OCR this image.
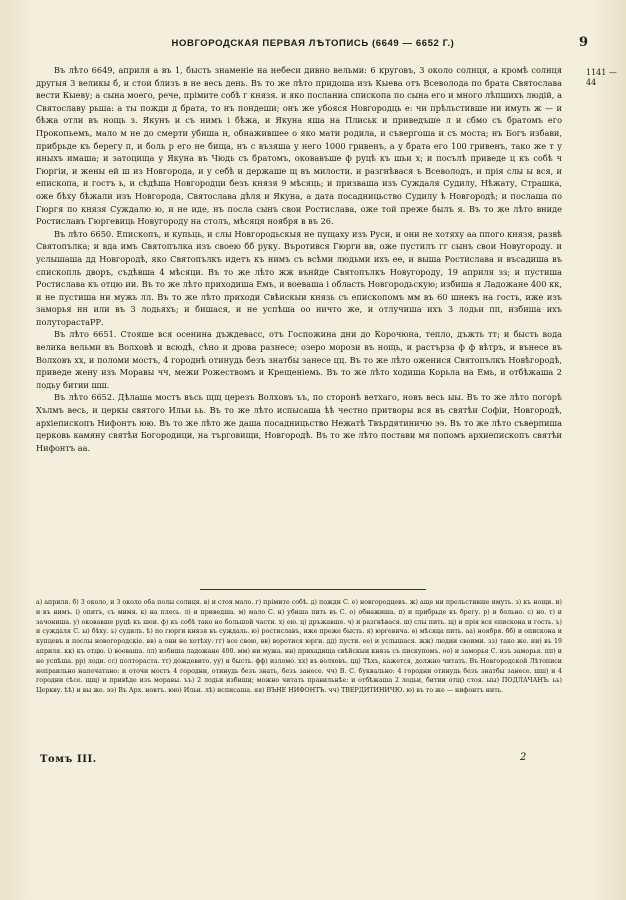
НОВГОРОДСКАЯ ПЕРВАЯ ЛѢТОПИСЬ (6649 — 6652 Г.)	9
1141 — 44

Въ лѣто 6649, априля а въ 1, бысть знаменіе на небеси дивно вельми: 6 круговъ, 3 около солнця, а кромѣ солнця другыя 3 великы б, и стои близъ в не весь день. Въ то же лѣто придоша изъ Кыева отъ Всеволода по брата Святослава вести Кыеву; а сына моего, рече, прімите собѣ г князя. и яко посланиа спископа по сына его и много лѣпшихъ людій, а Святославу рьша: а ты пожди д брата, то нъ пондеши; онъ же убояся Новгородць е: чи прѣльстивше ни имуть ж — и бѣжа отли въ нощь з. Якунъ и съ нимъ і бѣжа, и Якуна яша на Плиськ и приведъше л и сбмо съ братомъ его Прокопьемъ, мало м не до смерти убиша н, обнажившее о яко мати родила, и съвергоша и съ моста; нъ Богъ избави, прибрьде къ берегу п, и боль р его не бища, нъ с възяша у него 1000 гривенъ, а у брата его 100 гривенъ, тако же т у иныхъ имаша; и затоцища у Якуна въ Чюдь съ братомъ, оковавъше ф руцѣ къ шьи х; и посълѣ приведе ц къ собѣ ч Гюргiи, и жены ей ш из Новгорода, и у себѣ и держаше щ въ милости. и разгнѣвася ъ Всеволодъ, и прія слы ы вся, и епископа, и гостъ ь, и сѣдѣша Новгородци безъ князя 9 мѣсяць; и призваша изъ Суждаля Судилу, Нѣжату, Страшка, оже бѣху бѣжали изъ Новгорода, Святослава дѣля и Якуна, а дата посадницьство Судилу ѣ Новгородѣ; и послаша по Гюргя по князя Суждалю ю, и не иде, нъ посла сынъ свои Ростислава, оже той преже былъ я. Въ то же лѣто вниде Ростиславъ Гюргевиць Новугороду на столъ, мѣсяця ноября в въ 26.

Въ лѣто 6650. Епископъ, и купьць, и слы Новгородьскыя не пущаху изъ Руси, и они не хотяху аа ппого князя, развѣ Святопълка; и вда имъ Святопълка изъ своею бб руку. Въротився Гюрги вв, оже пустилъ гг сынъ свои Новугороду. и услышаша дд Новгородѣ, яко Святопълкъ идетъ къ нимъ съ всѣми людьми ихъ ее, и выша Ростислава и въсадиша въ спископль дворъ, съдѣвша 4 мѣсяци. Въ то же лѣто жж вънйде Святопълкъ Новугороду, 19 априля зз; и пустиша Ростислава къ отцю ии. Въ то же лѣто приходиша Емъ, и воеваша і область Новгородьскую; избиша я Ладожане 400 кк, и не пустиша ни мужь лл. Въ то же лѣто приходи Свѣискыи князь съ епископомъ мм въ 60 шнекъ на гость, иже изъ заморья нн или въ 3 лодьяхъ; и бишася, и не успѣша оо ничто же, и отлучиша ихъ 3 лодьи пп, избиша ихъ полуторастаРР.

Въ лѣто 6651. Стояше вся осенина дъждевасс, отъ Госпожина дни до Корочюна, тепло, дъжть тт; и бысть вода велика вельми въ Волховѣ и всюдѣ, сѣно и дрова разнесе; озеро морози въ нощь, и растърза ф ф вѣтръ, и вънесе въ Волховъ хх, и поломи мостъ, 4 городнѣ отинудь безъ знатбы занесе цц. Въ то же лѣто оженися Святопълкъ Новѣгородѣ, приведе жену изъ Моравы чч, межи Рожествомъ и Крещеніемь. Въ то же лѣто ходиша Корьла на Емь, и отбѣжаша 2 лодьу битии шш.

Въ лѣто 6652. Дѣлаша мостъ въсь щщ церезъ Волховъ ъъ, по сторонѣ ветхаго, новъ весь ыы. Въ то же лѣто погорѣ Хълмъ весь, и церкы святого Ильи ьь. Въ то же лѣто иcпысаша ѣѣ честно притворы вся въ святѣи Софіи, Новгородѣ, архіепископъ Нифонтъ юю. Въ то же лѣто же даша посадницьство Нежатѣ Твърдятиничю ээ. Въ то же лѣто съверпиша церковь камяну святѣи Богородици, на търговищи, Новгородѣ. Въ то же лѣто постави мя попомъ архиепископъ святѣи Нифонтъ аа.

а) априля. б) 3 около, и 3 около оба полы солнця. в) и стоя мало. г) прімите собѣ. д) пожди С. е) новгородцевъ. ж) аще ни прельстивше имуть. з) къ нощи. и) и въ нимъ. і) опитъ, съ мимя. к) на плесь. л) и приведша. м) мало С. н) убиша пить въ С. о) обнажиша. п) и прибрьде къ брегу. р) и больно. с) но. т) и зачониша. у) оковавше руцѣ къ шеи. ф) къ собѣ тако но большой части. х) ею. ц) дръжавше. ч) и разгнѣвася. ш) слы пить. щ) и прія вся епискона и гость. ъ) и суждаля С. ы) бѣху. ь) судилъ. ѣ) по гюрги князя въ суждаль. ю) ростиславъ, иже преже бысть. я) юргевича. ѳ) мѣсяца пить. аа) ноября. бб) и опискона и купцевъ и послы новогородскіе. вв) а они не хотѣху. гг) все свою, вв) воротися юрги. дд) пусти. ее) и услышася. жж) людии своими. зз) тако же. ии) въ 19 априля. кк) къ отцю. і) воеваша. лл) избиша ладожане 400. мм) ни мужа. нн) прихадища свѣйскыи князь съ пискупомъ. оо) и заморья С. изъ заморья. пп) и не успѣша. рр) лоди. сс) полтораста. тт) дождевито. уу) и бысть. фф) изломо. хх) въ волховъ. цц) Тѣхъ, кажется, должно читать. Въ Новгородской Лѣтописи непраильно напечатано: и оточи мостъ 4 городни, отинудь безъ знать, безъ занесе. чч) В. С. буквально: 4 городни отинудь безъ знатбы занесе. шш) и 4 городни сѣсе. щщ) и привѣде изъ моравы. ъъ) 2 лодьи избиши; можно читать правильнѣе: и отбѣжаша 2 лодьи, битии отщ) стоя. ыы) ПОДЛАЧАНЪ. ьь) Церкву. ѣѣ) и вы же. ээ) Въ Арх. новтъ. юю) Ильи. лѣ) исписаша. яя) ВЪНЕ НИФОНТЪ. чч) ТВЕРДИТИНИЧЮ. ю) въ то же — нифонтъ нить.

Томъ III.	2
